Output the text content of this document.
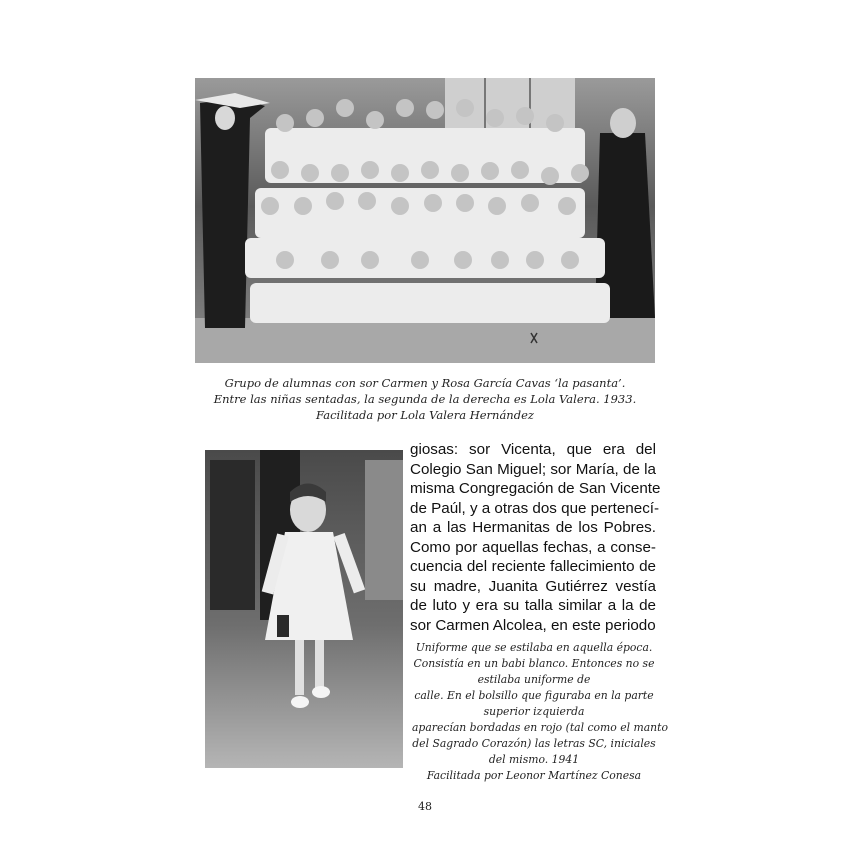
Grupo de alumnas con sor Carmen y Rosa García Cavas ‘la pasanta’.
Entre las niñas sentadas, la segunda de la derecha es Lola Valera. 1933.
Facilitada por Lola Valera Hernández
giosas: sor Vicenta, que era del
Colegio San Miguel; sor María, de la
misma Congregación de San Vicente
de Paúl, y a otras dos que pertenecí-
an a las Hermanitas de los Pobres.
Como por aquellas fechas, a conse-
cuencia del reciente fallecimiento de
su madre, Juanita Gutiérrez vestía
de luto y era su talla similar a la de
sor Carmen Alcolea, en este periodo
Uniforme que se estilaba en aquella época.
Consistía en un babi blanco. Entonces no se
estilaba uniforme de
calle. En el bolsillo que figuraba en la parte
superior izquierda
aparecían bordadas en rojo (tal como el manto
del Sagrado Corazón) las letras SC, iniciales
del mismo. 1941
Facilitada por Leonor Martínez Conesa
48
